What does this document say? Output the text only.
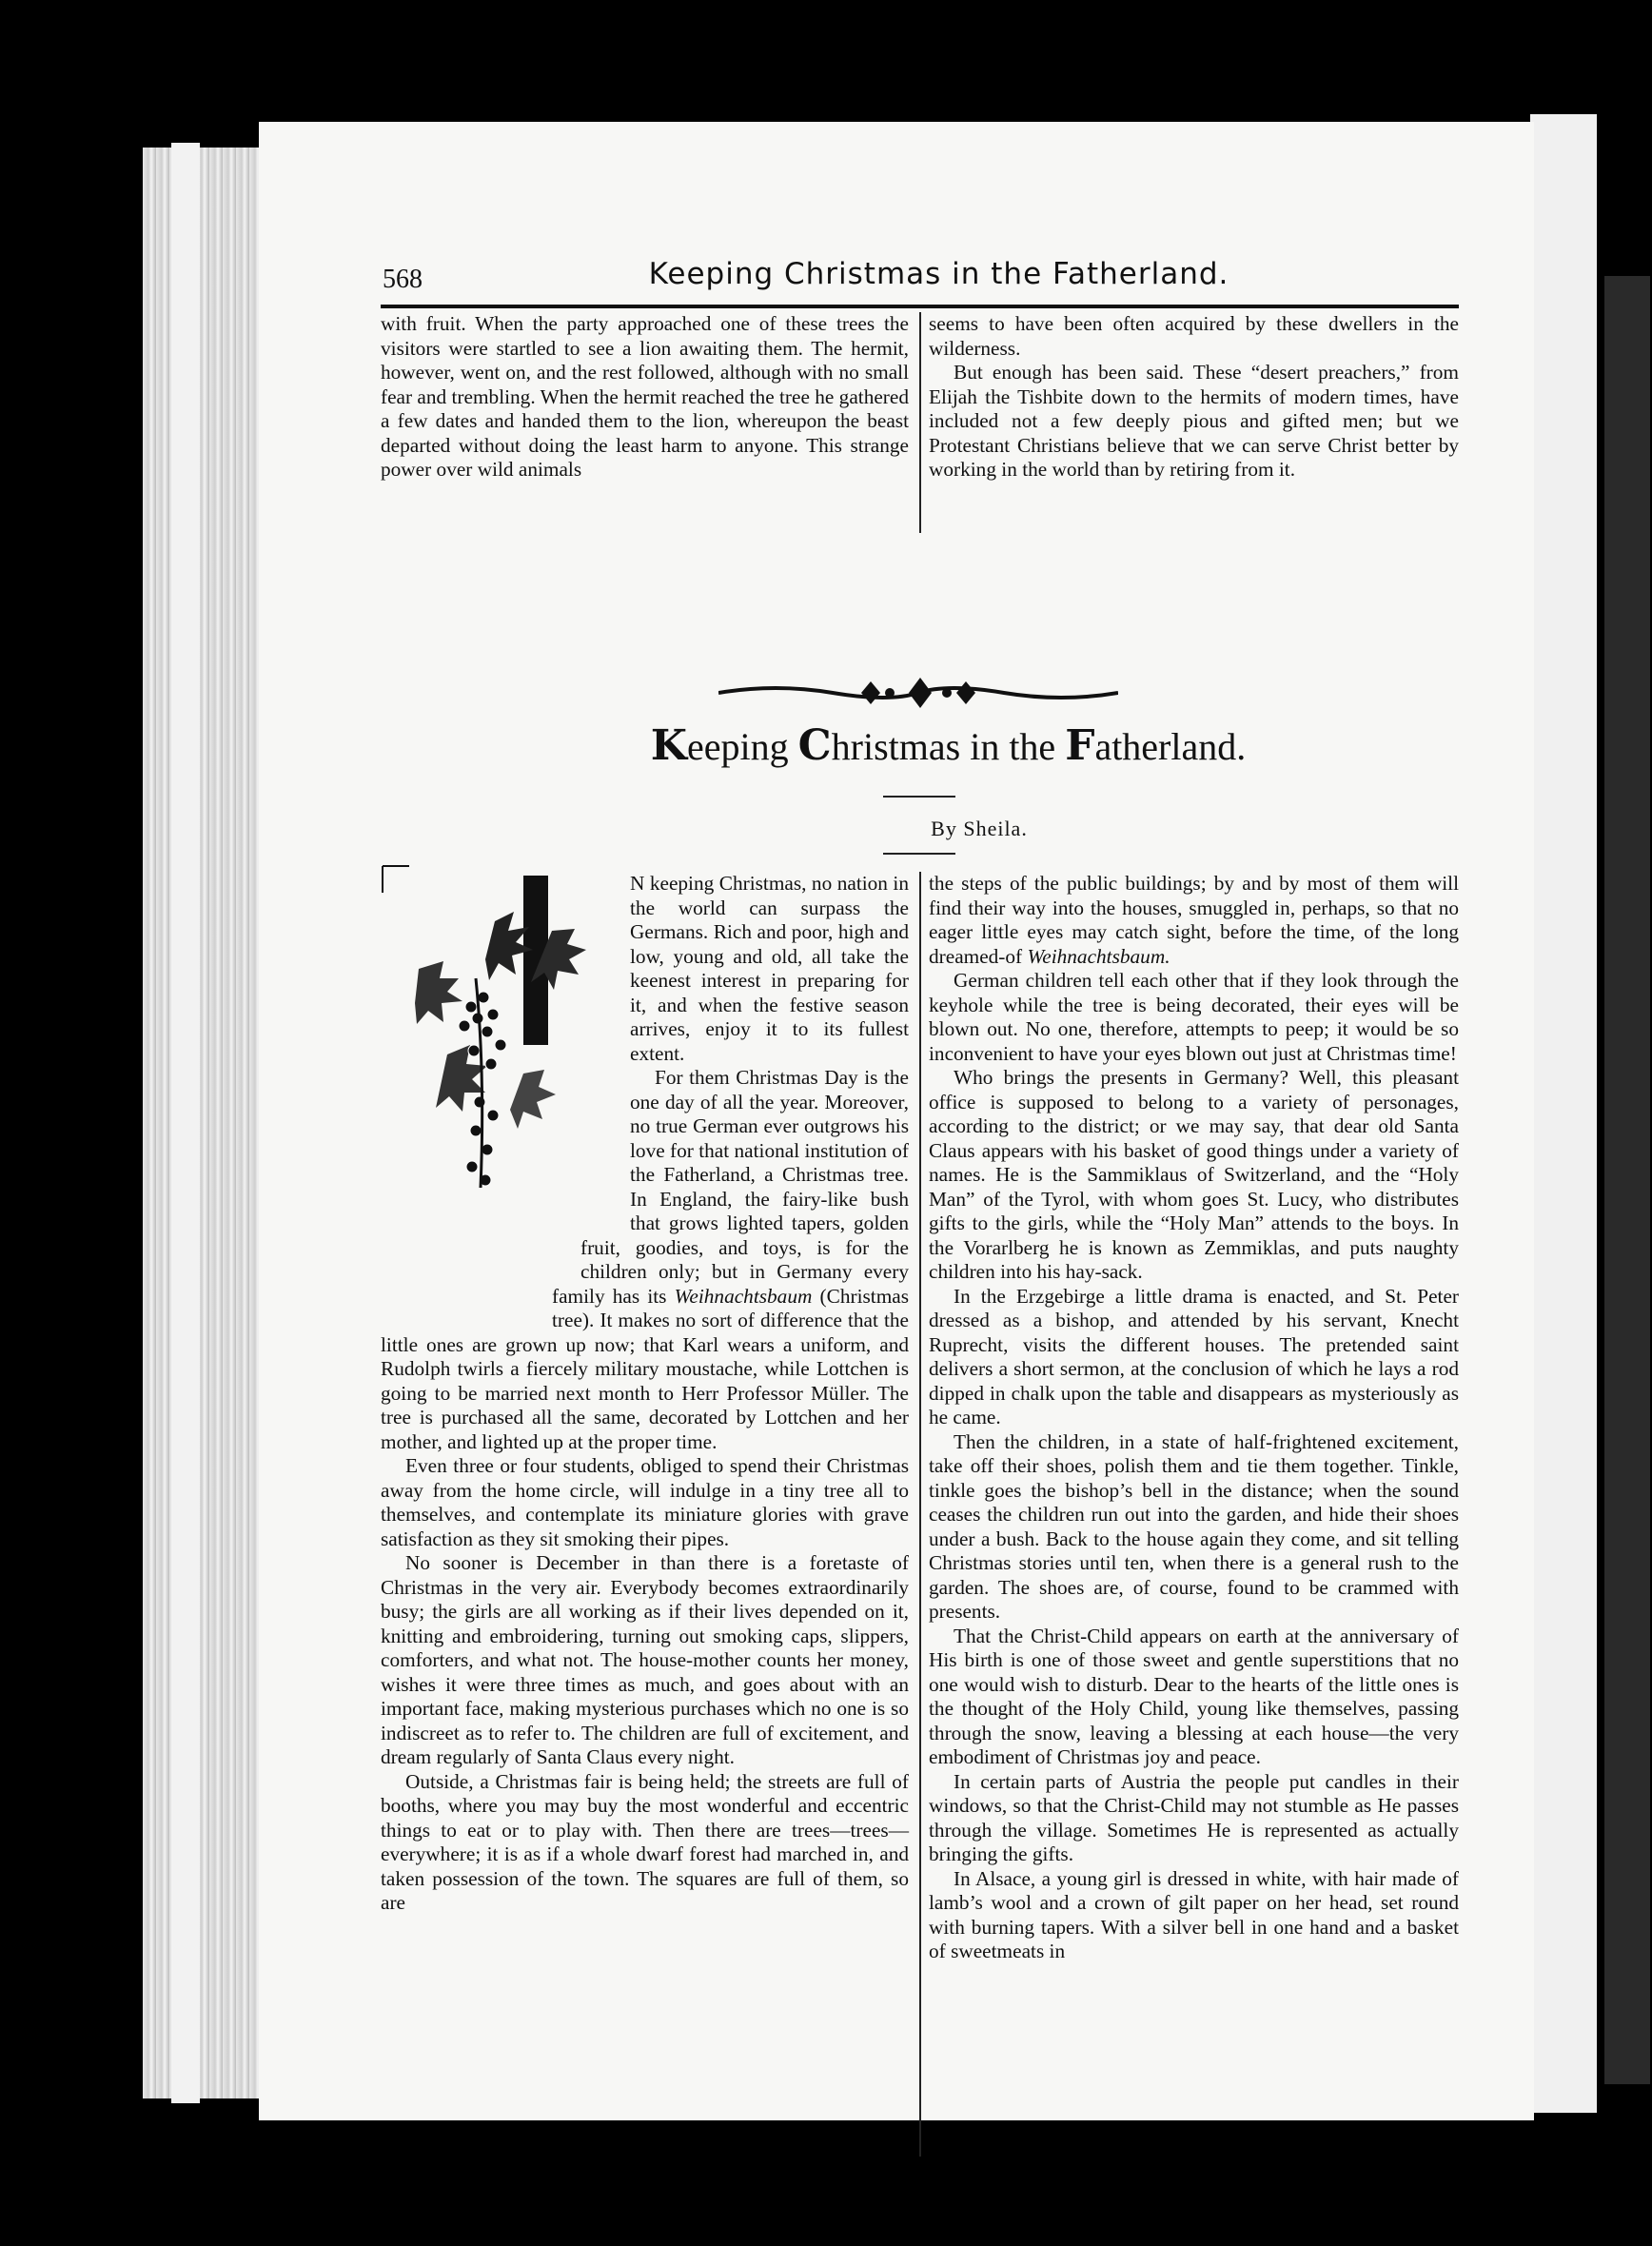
568	Keeping Christmas in the Fatherland.

with fruit. When the party approached one of these trees the visitors were startled to see a lion awaiting them. The hermit, however, went on, and the rest followed, although with no small fear and trembling. When the hermit reached the tree he gathered a few dates and handed them to the lion, whereupon the beast departed without doing the least harm to anyone. This strange power over wild animals

seems to have been often acquired by these dwellers in the wilderness.

But enough has been said. These “desert preachers,” from Elijah the Tishbite down to the hermits of modern times, have included not a few deeply pious and gifted men; but we Protestant Christians believe that we can serve Christ better by working in the world than by retiring from it.

Keeping Christmas in the Fatherland.
By Sheila.
I

N keeping Christmas, no nation in the world can surpass the Germans. Rich and poor, high and low, young and old, all take the keenest interest in preparing for it, and when the festive season arrives, enjoy it to its fullest extent.

For them Christmas Day is the one day of all the year. Moreover, no true German ever outgrows his love for that national institution of the Fatherland, a Christmas tree. In England, the fairy-like bush that grows lighted tapers, golden fruit, goodies, and toys, is for the children only; but in Germany every family has its Weihnachtsbaum (Christmas tree). It makes no sort of difference that the little ones are grown up now; that Karl wears a uniform, and Rudolph twirls a fiercely military moustache, while Lottchen is going to be married next month to Herr Professor Müller. The tree is purchased all the same, decorated by Lottchen and her mother, and lighted up at the proper time.

Even three or four students, obliged to spend their Christmas away from the home circle, will indulge in a tiny tree all to themselves, and contemplate its miniature glories with grave satisfaction as they sit smoking their pipes.

No sooner is December in than there is a foretaste of Christmas in the very air. Everybody becomes extraordinarily busy; the girls are all working as if their lives depended on it, knitting and embroidering, turning out smoking caps, slippers, comforters, and what not. The house-mother counts her money, wishes it were three times as much, and goes about with an important face, making mysterious purchases which no one is so indiscreet as to refer to. The children are full of excitement, and dream regularly of Santa Claus every night.

Outside, a Christmas fair is being held; the streets are full of booths, where you may buy the most wonderful and eccentric things to eat or to play with. Then there are trees—trees—everywhere; it is as if a whole dwarf forest had marched in, and taken possession of the town. The squares are full of them, so are

the steps of the public buildings; by and by most of them will find their way into the houses, smuggled in, perhaps, so that no eager little eyes may catch sight, before the time, of the long dreamed-of Weihnachtsbaum.

German children tell each other that if they look through the keyhole while the tree is being decorated, their eyes will be blown out. No one, therefore, attempts to peep; it would be so inconvenient to have your eyes blown out just at Christmas time!

Who brings the presents in Germany? Well, this pleasant office is supposed to belong to a variety of personages, according to the district; or we may say, that dear old Santa Claus appears with his basket of good things under a variety of names. He is the Sammiklaus of Switzerland, and the “Holy Man” of the Tyrol, with whom goes St. Lucy, who distributes gifts to the girls, while the “Holy Man” attends to the boys. In the Vorarlberg he is known as Zemmiklas, and puts naughty children into his hay-sack.

In the Erzgebirge a little drama is enacted, and St. Peter dressed as a bishop, and attended by his servant, Knecht Ruprecht, visits the different houses. The pretended saint delivers a short sermon, at the conclusion of which he lays a rod dipped in chalk upon the table and disappears as mysteriously as he came.

Then the children, in a state of half-frightened excitement, take off their shoes, polish them and tie them together. Tinkle, tinkle goes the bishop’s bell in the distance; when the sound ceases the children run out into the garden, and hide their shoes under a bush. Back to the house again they come, and sit telling Christmas stories until ten, when there is a general rush to the garden. The shoes are, of course, found to be crammed with presents.

That the Christ-Child appears on earth at the anniversary of His birth is one of those sweet and gentle superstitions that no one would wish to disturb. Dear to the hearts of the little ones is the thought of the Holy Child, young like themselves, passing through the snow, leaving a blessing at each house—the very embodiment of Christmas joy and peace.

In certain parts of Austria the people put candles in their windows, so that the Christ-Child may not stumble as He passes through the village. Sometimes He is represented as actually bringing the gifts.

In Alsace, a young girl is dressed in white, with hair made of lamb’s wool and a crown of gilt paper on her head, set round with burning tapers. With a silver bell in one hand and a basket of sweetmeats in
